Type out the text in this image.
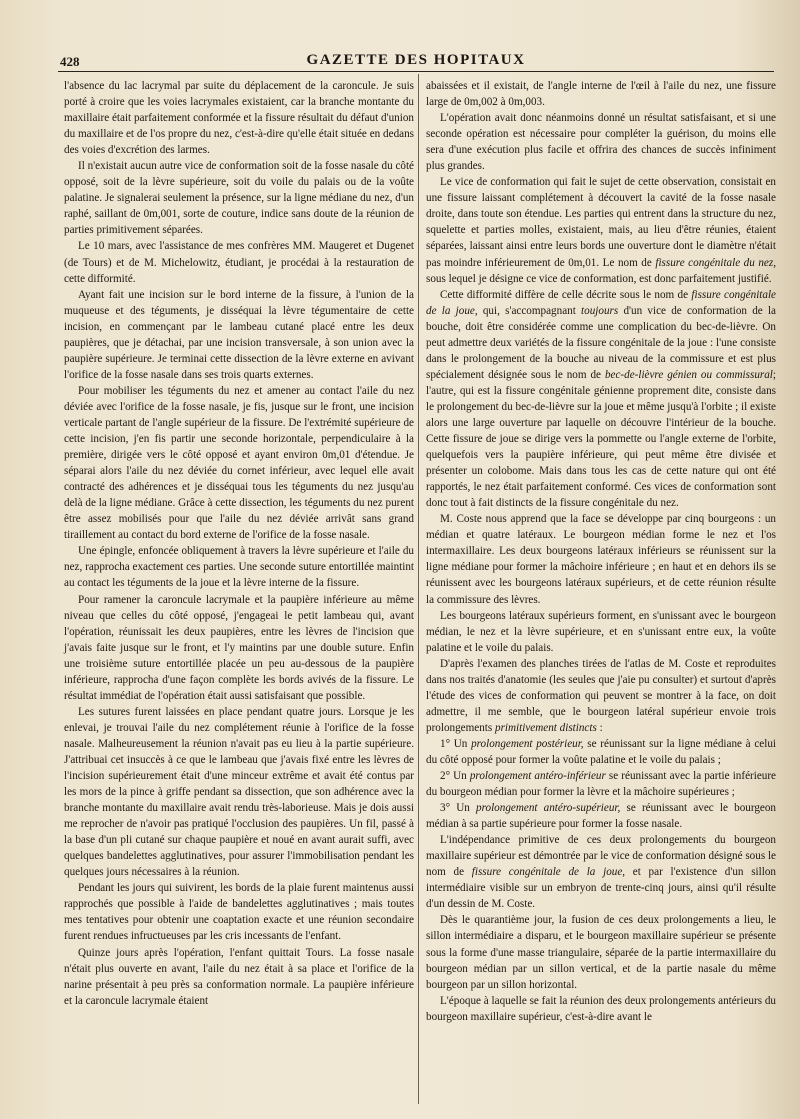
428	GAZETTE DES HOPITAUX

l'absence du lac lacrymal par suite du déplacement de la caroncule. Je suis porté à croire que les voies lacrymales existaient, car la branche montante du maxillaire était parfaitement conformée et la fissure résultait du défaut d'union du maxillaire et de l'os propre du nez, c'est-à-dire qu'elle était située en dedans des voies d'excrétion des larmes.

Il n'existait aucun autre vice de conformation soit de la fosse nasale du côté opposé, soit de la lèvre supérieure, soit du voile du palais ou de la voûte palatine. Je signalerai seulement la présence, sur la ligne médiane du nez, d'un raphé, saillant de 0m,001, sorte de couture, indice sans doute de la réunion de parties primitivement séparées.

Le 10 mars, avec l'assistance de mes confrères MM. Maugeret et Dugenet (de Tours) et de M. Michelowitz, étudiant, je procédai à la restauration de cette difformité.

Ayant fait une incision sur le bord interne de la fissure, à l'union de la muqueuse et des téguments, je disséquai la lèvre tégumentaire de cette incision, en commençant par le lambeau cutané placé entre les deux paupières, que je détachai, par une incision transversale, à son union avec la paupière supérieure. Je terminai cette dissection de la lèvre externe en avivant l'orifice de la fosse nasale dans ses trois quarts externes.

Pour mobiliser les téguments du nez et amener au contact l'aile du nez déviée avec l'orifice de la fosse nasale, je fis, jusque sur le front, une incision verticale partant de l'angle supérieur de la fissure. De l'extrémité supérieure de cette incision, j'en fis partir une seconde horizontale, perpendiculaire à la première, dirigée vers le côté opposé et ayant environ 0m,01 d'étendue. Je séparai alors l'aile du nez déviée du cornet inférieur, avec lequel elle avait contracté des adhérences et je disséquai tous les téguments du nez jusqu'au delà de la ligne médiane. Grâce à cette dissection, les téguments du nez purent être assez mobilisés pour que l'aile du nez déviée arrivât sans grand tiraillement au contact du bord externe de l'orifice de la fosse nasale.

Une épingle, enfoncée obliquement à travers la lèvre supérieure et l'aile du nez, rapprocha exactement ces parties. Une seconde suture entortillée maintint au contact les téguments de la joue et la lèvre interne de la fissure.

Pour ramener la caroncule lacrymale et la paupière inférieure au même niveau que celles du côté opposé, j'engageai le petit lambeau qui, avant l'opération, réunissait les deux paupières, entre les lèvres de l'incision que j'avais faite jusque sur le front, et l'y maintins par une double suture. Enfin une troisième suture entortillée placée un peu au-dessous de la paupière inférieure, rapprocha d'une façon complète les bords avivés de la fissure. Le résultat immédiat de l'opération était aussi satisfaisant que possible.

Les sutures furent laissées en place pendant quatre jours. Lorsque je les enlevai, je trouvai l'aile du nez complétement réunie à l'orifice de la fosse nasale. Malheureusement la réunion n'avait pas eu lieu à la partie supérieure. J'attribuai cet insuccès à ce que le lambeau que j'avais fixé entre les lèvres de l'incision supérieurement était d'une minceur extrême et avait été contus par les mors de la pince à griffe pendant sa dissection, que son adhérence avec la branche montante du maxillaire avait rendu très-laborieuse. Mais je dois aussi me reprocher de n'avoir pas pratiqué l'occlusion des paupières. Un fil, passé à la base d'un pli cutané sur chaque paupière et noué en avant aurait suffi, avec quelques bandelettes agglutinatives, pour assurer l'immobilisation pendant les quelques jours nécessaires à la réunion.

Pendant les jours qui suivirent, les bords de la plaie furent maintenus aussi rapprochés que possible à l'aide de bandelettes agglutinatives ; mais toutes mes tentatives pour obtenir une coaptation exacte et une réunion secondaire furent rendues infructueuses par les cris incessants de l'enfant.

Quinze jours après l'opération, l'enfant quittait Tours. La fosse nasale n'était plus ouverte en avant, l'aile du nez était à sa place et l'orifice de la narine présentait à peu près sa conformation normale. La paupière inférieure et la caroncule lacrymale étaient

abaissées et il existait, de l'angle interne de l'œil à l'aile du nez, une fissure large de 0m,002 à 0m,003.

L'opération avait donc néanmoins donné un résultat satisfaisant, et si une seconde opération est nécessaire pour compléter la guérison, du moins elle sera d'une exécution plus facile et offrira des chances de succès infiniment plus grandes.

Le vice de conformation qui fait le sujet de cette observation, consistait en une fissure laissant complétement à découvert la cavité de la fosse nasale droite, dans toute son étendue. Les parties qui entrent dans la structure du nez, squelette et parties molles, existaient, mais, au lieu d'être réunies, étaient séparées, laissant ainsi entre leurs bords une ouverture dont le diamètre n'était pas moindre inférieurement de 0m,01. Le nom de fissure congénitale du nez, sous lequel je désigne ce vice de conformation, est donc parfaitement justifié.

Cette difformité diffère de celle décrite sous le nom de fissure congénitale de la joue, qui, s'accompagnant toujours d'un vice de conformation de la bouche, doit être considérée comme une complication du bec-de-lièvre. On peut admettre deux variétés de la fissure congénitale de la joue : l'une consiste dans le prolongement de la bouche au niveau de la commissure et est plus spécialement désignée sous le nom de bec-de-lièvre génien ou commissural; l'autre, qui est la fissure congénitale génienne proprement dite, consiste dans le prolongement du bec-de-lièvre sur la joue et même jusqu'à l'orbite ; il existe alors une large ouverture par laquelle on découvre l'intérieur de la bouche. Cette fissure de joue se dirige vers la pommette ou l'angle externe de l'orbite, quelquefois vers la paupière inférieure, qui peut même être divisée et présenter un colobome. Mais dans tous les cas de cette nature qui ont été rapportés, le nez était parfaitement conformé. Ces vices de conformation sont donc tout à fait distincts de la fissure congénitale du nez.

M. Coste nous apprend que la face se développe par cinq bourgeons : un médian et quatre latéraux. Le bourgeon médian forme le nez et l'os intermaxillaire. Les deux bourgeons latéraux inférieurs se réunissent sur la ligne médiane pour former la mâchoire inférieure ; en haut et en dehors ils se réunissent avec les bourgeons latéraux supérieurs, et de cette réunion résulte la commissure des lèvres.

Les bourgeons latéraux supérieurs forment, en s'unissant avec le bourgeon médian, le nez et la lèvre supérieure, et en s'unissant entre eux, la voûte palatine et le voile du palais.

D'après l'examen des planches tirées de l'atlas de M. Coste et reproduites dans nos traités d'anatomie (les seules que j'aie pu consulter) et surtout d'après l'étude des vices de conformation qui peuvent se montrer à la face, on doit admettre, il me semble, que le bourgeon latéral supérieur envoie trois prolongements primitivement distincts :

1° Un prolongement postérieur, se réunissant sur la ligne médiane à celui du côté opposé pour former la voûte palatine et le voile du palais ;

2° Un prolongement antéro-inférieur se réunissant avec la partie inférieure du bourgeon médian pour former la lèvre et la mâchoire supérieures ;

3° Un prolongement antéro-supérieur, se réunissant avec le bourgeon médian à sa partie supérieure pour former la fosse nasale.

L'indépendance primitive de ces deux prolongements du bourgeon maxillaire supérieur est démontrée par le vice de conformation désigné sous le nom de fissure congénitale de la joue, et par l'existence d'un sillon intermédiaire visible sur un embryon de trente-cinq jours, ainsi qu'il résulte d'un dessin de M. Coste.

Dès le quarantième jour, la fusion de ces deux prolongements a lieu, le sillon intermédiaire a disparu, et le bourgeon maxillaire supérieur se présente sous la forme d'une masse triangulaire, séparée de la partie intermaxillaire du bourgeon médian par un sillon vertical, et de la partie nasale du même bourgeon par un sillon horizontal.

L'époque à laquelle se fait la réunion des deux prolongements antérieurs du bourgeon maxillaire supérieur, c'est-à-dire avant le
